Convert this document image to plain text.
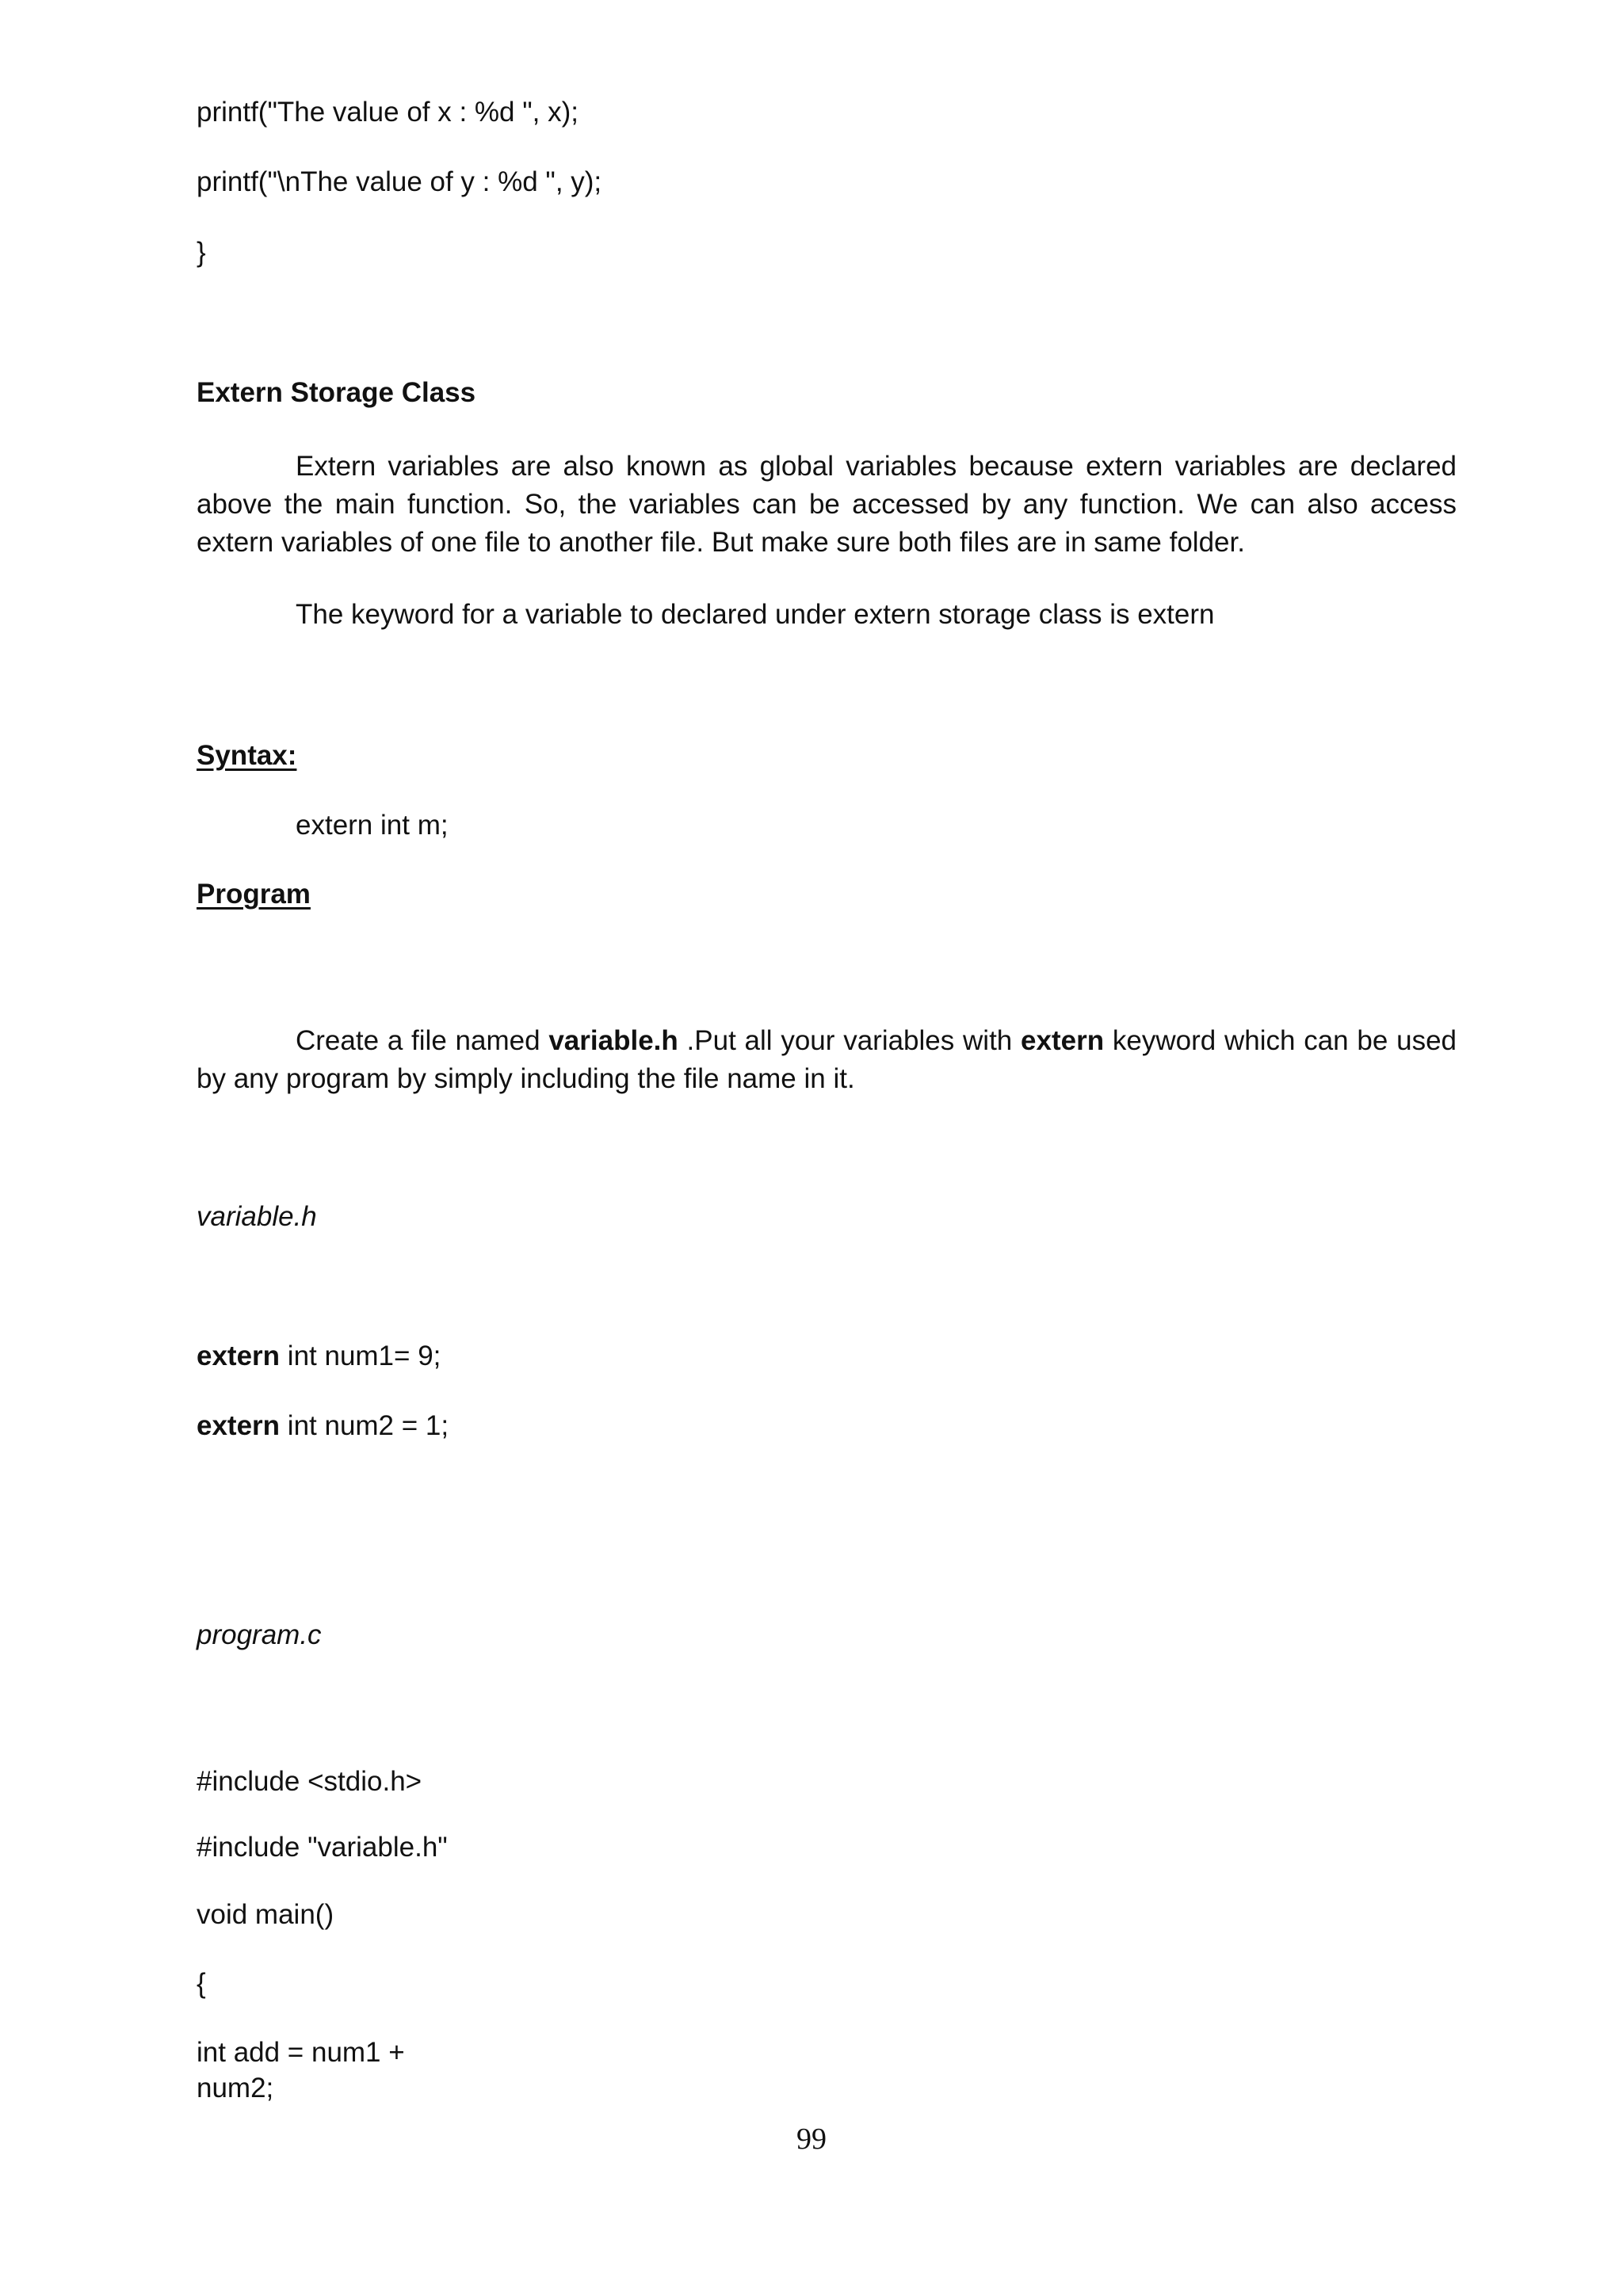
printf("The value of x : %d ", x);
printf("\nThe value of y : %d ", y);
}
Extern Storage Class
Extern variables are also known as global variables because extern variables are declared
above the main function. So, the variables can be accessed by any function. We can also access extern variables of one file to another file. But make sure both files are in same folder.
The keyword for a variable to declared under extern storage class is extern
Syntax:
extern int m;
Program
Create a file named variable.h .Put all your variables with extern keyword which can be used by any program by simply including the file name in it.
variable.h
extern int num1= 9;
extern int num2 = 1;
program.c
#include <stdio.h>
#include "variable.h"
void main()
{
int add = num1 +
num2;
99
